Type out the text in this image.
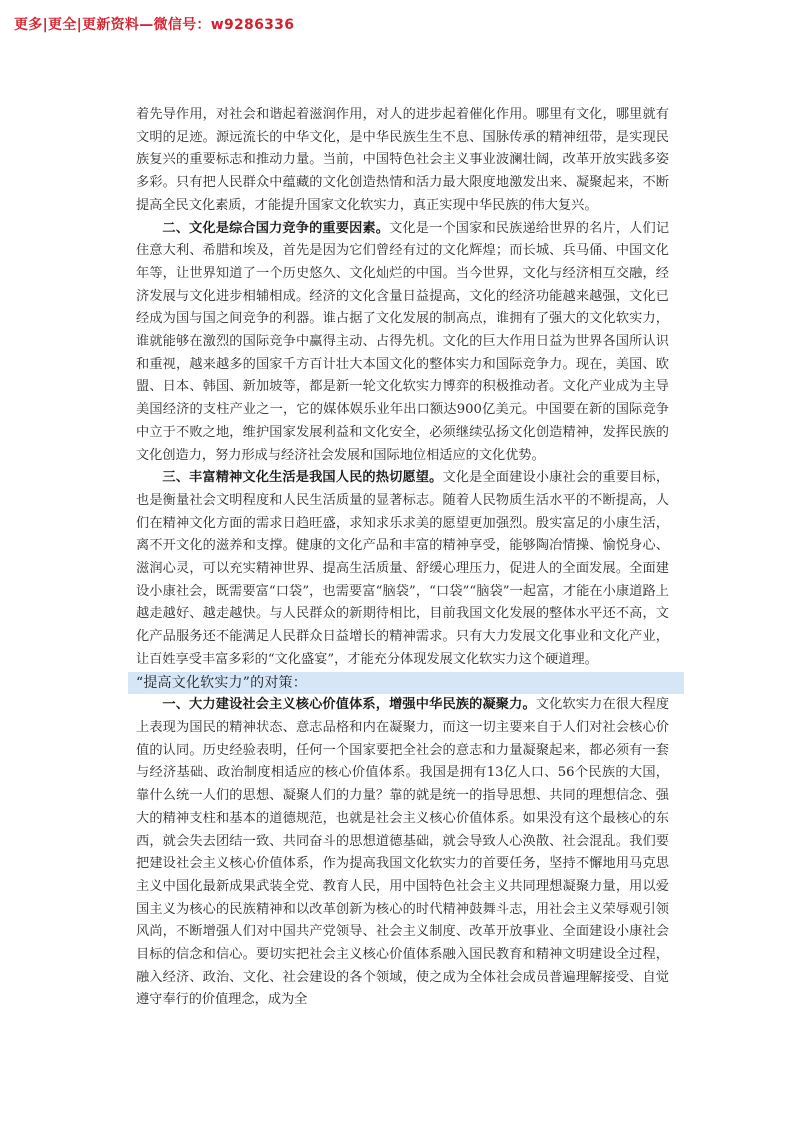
更多|更全|更新资料—微信号：w9286336

着先导作用，对社会和谐起着滋润作用，对人的进步起着催化作用。哪里有文化，哪里就有文明的足迹。源远流长的中华文化，是中华民族生生不息、国脉传承的精神纽带，是实现民族复兴的重要标志和推动力量。当前，中国特色社会主义事业波澜壮阔，改革开放实践多姿多彩。只有把人民群众中蕴藏的文化创造热情和活力最大限度地激发出来、凝聚起来，不断提高全民文化素质，才能提升国家文化软实力，真正实现中华民族的伟大复兴。

二、文化是综合国力竞争的重要因素。文化是一个国家和民族递给世界的名片，人们记住意大利、希腊和埃及，首先是因为它们曾经有过的文化辉煌；而长城、兵马俑、中国文化年等，让世界知道了一个历史悠久、文化灿烂的中国。当今世界，文化与经济相互交融，经济发展与文化进步相辅相成。经济的文化含量日益提高，文化的经济功能越来越强，文化已经成为国与国之间竞争的利器。谁占据了文化发展的制高点，谁拥有了强大的文化软实力，谁就能够在激烈的国际竞争中赢得主动、占得先机。文化的巨大作用日益为世界各国所认识和重视，越来越多的国家千方百计壮大本国文化的整体实力和国际竞争力。现在，美国、欧盟、日本、韩国、新加坡等，都是新一轮文化软实力博弈的积极推动者。文化产业成为主导美国经济的支柱产业之一，它的媒体娱乐业年出口额达900亿美元。中国要在新的国际竞争中立于不败之地，维护国家发展利益和文化安全，必须继续弘扬文化创造精神，发挥民族的文化创造力，努力形成与经济社会发展和国际地位相适应的文化优势。

三、丰富精神文化生活是我国人民的热切愿望。文化是全面建设小康社会的重要目标，也是衡量社会文明程度和人民生活质量的显著标志。随着人民物质生活水平的不断提高，人们在精神文化方面的需求日趋旺盛，求知求乐求美的愿望更加强烈。殷实富足的小康生活，离不开文化的滋养和支撑。健康的文化产品和丰富的精神享受，能够陶冶情操、愉悦身心、滋润心灵，可以充实精神世界、提高生活质量、舒缓心理压力，促进人的全面发展。全面建设小康社会，既需要富“口袋”，也需要富“脑袋”，“口袋”“脑袋”一起富，才能在小康道路上越走越好、越走越快。与人民群众的新期待相比，目前我国文化发展的整体水平还不高，文化产品服务还不能满足人民群众日益增长的精神需求。只有大力发展文化事业和文化产业，让百姓享受丰富多彩的“文化盛宴”，才能充分体现发展文化软实力这个硬道理。

“提高文化软实力”的对策：

一、大力建设社会主义核心价值体系，增强中华民族的凝聚力。文化软实力在很大程度上表现为国民的精神状态、意志品格和内在凝聚力，而这一切主要来自于人们对社会核心价值的认同。历史经验表明，任何一个国家要把全社会的意志和力量凝聚起来，都必须有一套与经济基础、政治制度相适应的核心价值体系。我国是拥有13亿人口、56个民族的大国，靠什么统一人们的思想、凝聚人们的力量？靠的就是统一的指导思想、共同的理想信念、强大的精神支柱和基本的道德规范，也就是社会主义核心价值体系。如果没有这个最核心的东西，就会失去团结一致、共同奋斗的思想道德基础，就会导致人心涣散、社会混乱。我们要把建设社会主义核心价值体系，作为提高我国文化软实力的首要任务，坚持不懈地用马克思主义中国化最新成果武装全党、教育人民，用中国特色社会主义共同理想凝聚力量，用以爱国主义为核心的民族精神和以改革创新为核心的时代精神鼓舞斗志，用社会主义荣辱观引领风尚，不断增强人们对中国共产党领导、社会主义制度、改革开放事业、全面建设小康社会目标的信念和信心。要切实把社会主义核心价值体系融入国民教育和精神文明建设全过程，融入经济、政治、文化、社会建设的各个领域，使之成为全体社会成员普遍理解接受、自觉遵守奉行的价值理念，成为全
